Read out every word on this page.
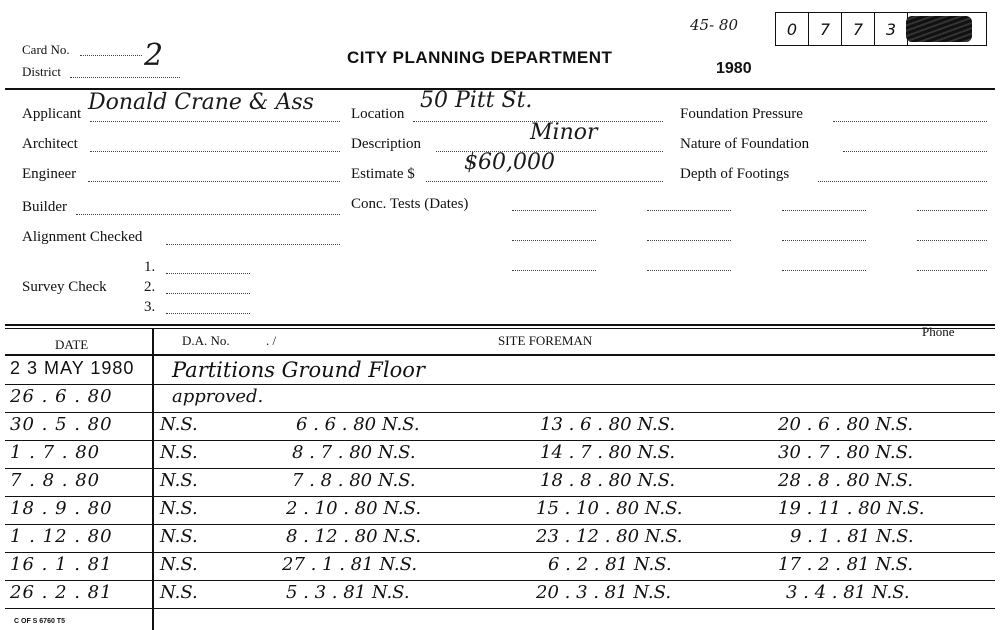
Card No. 2
District
CITY PLANNING DEPARTMENT
1980
45- 80	0	7	7	3
Applicant Donald Crane & Ass
Architect
Engineer
Builder
Alignment Checked
Survey Check
1.
2.
3.
Location
50 Pitt St.
Description	Minor
Estimate $ $60,000
Conc. Tests (Dates)
Foundation Pressure
Nature of Foundation
Depth of Footings
DATE	D.A. No.	. /	SITE FOREMAN
Phone
2 3 MAY 1980	Partitions Ground Floor
26 . 6 . 80	approved.
30 . 5 . 80	N.S.	6 . 6 . 80 N.S.	13 . 6 . 80 N.S.	20 . 6 . 80 N.S.
1 . 7 . 80	N.S.	8 . 7 . 80 N.S.	14 . 7 . 80 N.S.	30 . 7 . 80 N.S.
7 . 8 . 80	N.S.	7 . 8 . 80 N.S.	18 . 8 . 80 N.S.	28 . 8 . 80 N.S.
18 . 9 . 80	N.S.	2 . 10 . 80 N.S.	15 . 10 . 80 N.S.	19 . 11 . 80 N.S.
1 . 12 . 80	N.S.	8 . 12 . 80 N.S.	23 . 12 . 80 N.S.	9 . 1 . 81 N.S.
16 . 1 . 81	N.S.	27 . 1 . 81 N.S.	6 . 2 . 81 N.S.	17 . 2 . 81 N.S.
26 . 2 . 81	N.S.	5 . 3 . 81 N.S.	20 . 3 . 81 N.S.	3 . 4 . 81 N.S.
C OF S 6760 T5
